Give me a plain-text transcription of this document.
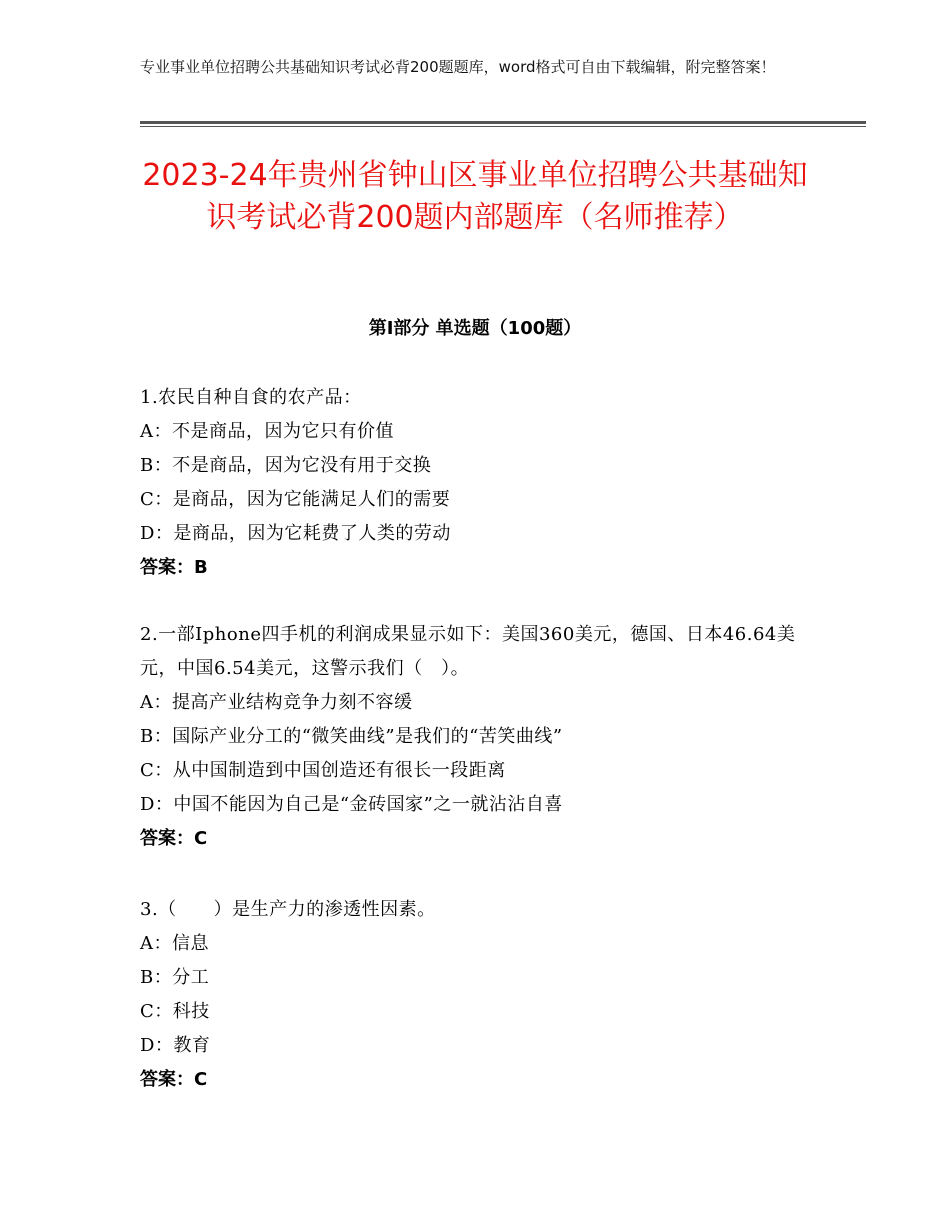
专业事业单位招聘公共基础知识考试必背200题题库，word格式可自由下载编辑，附完整答案！
2023-24年贵州省钟山区事业单位招聘公共基础知识考试必背200题内部题库（名师推荐）
第Ⅰ部分 单选题（100题）
1.农民自种自食的农产品：
A：不是商品，因为它只有价值
B：不是商品，因为它没有用于交换
C：是商品，因为它能满足人们的需要
D：是商品，因为它耗费了人类的劳动
答案：B
2.一部Iphone四手机的利润成果显示如下：美国360美元，德国、日本46.64美元，中国6.54美元，这警示我们（　）。
A：提高产业结构竞争力刻不容缓
B：国际产业分工的“微笑曲线”是我们的“苦笑曲线”
C：从中国制造到中国创造还有很长一段距离
D：中国不能因为自己是“金砖国家”之一就沾沾自喜
答案：C
3.（　　）是生产力的渗透性因素。
A：信息
B：分工
C：科技
D：教育
答案：C
